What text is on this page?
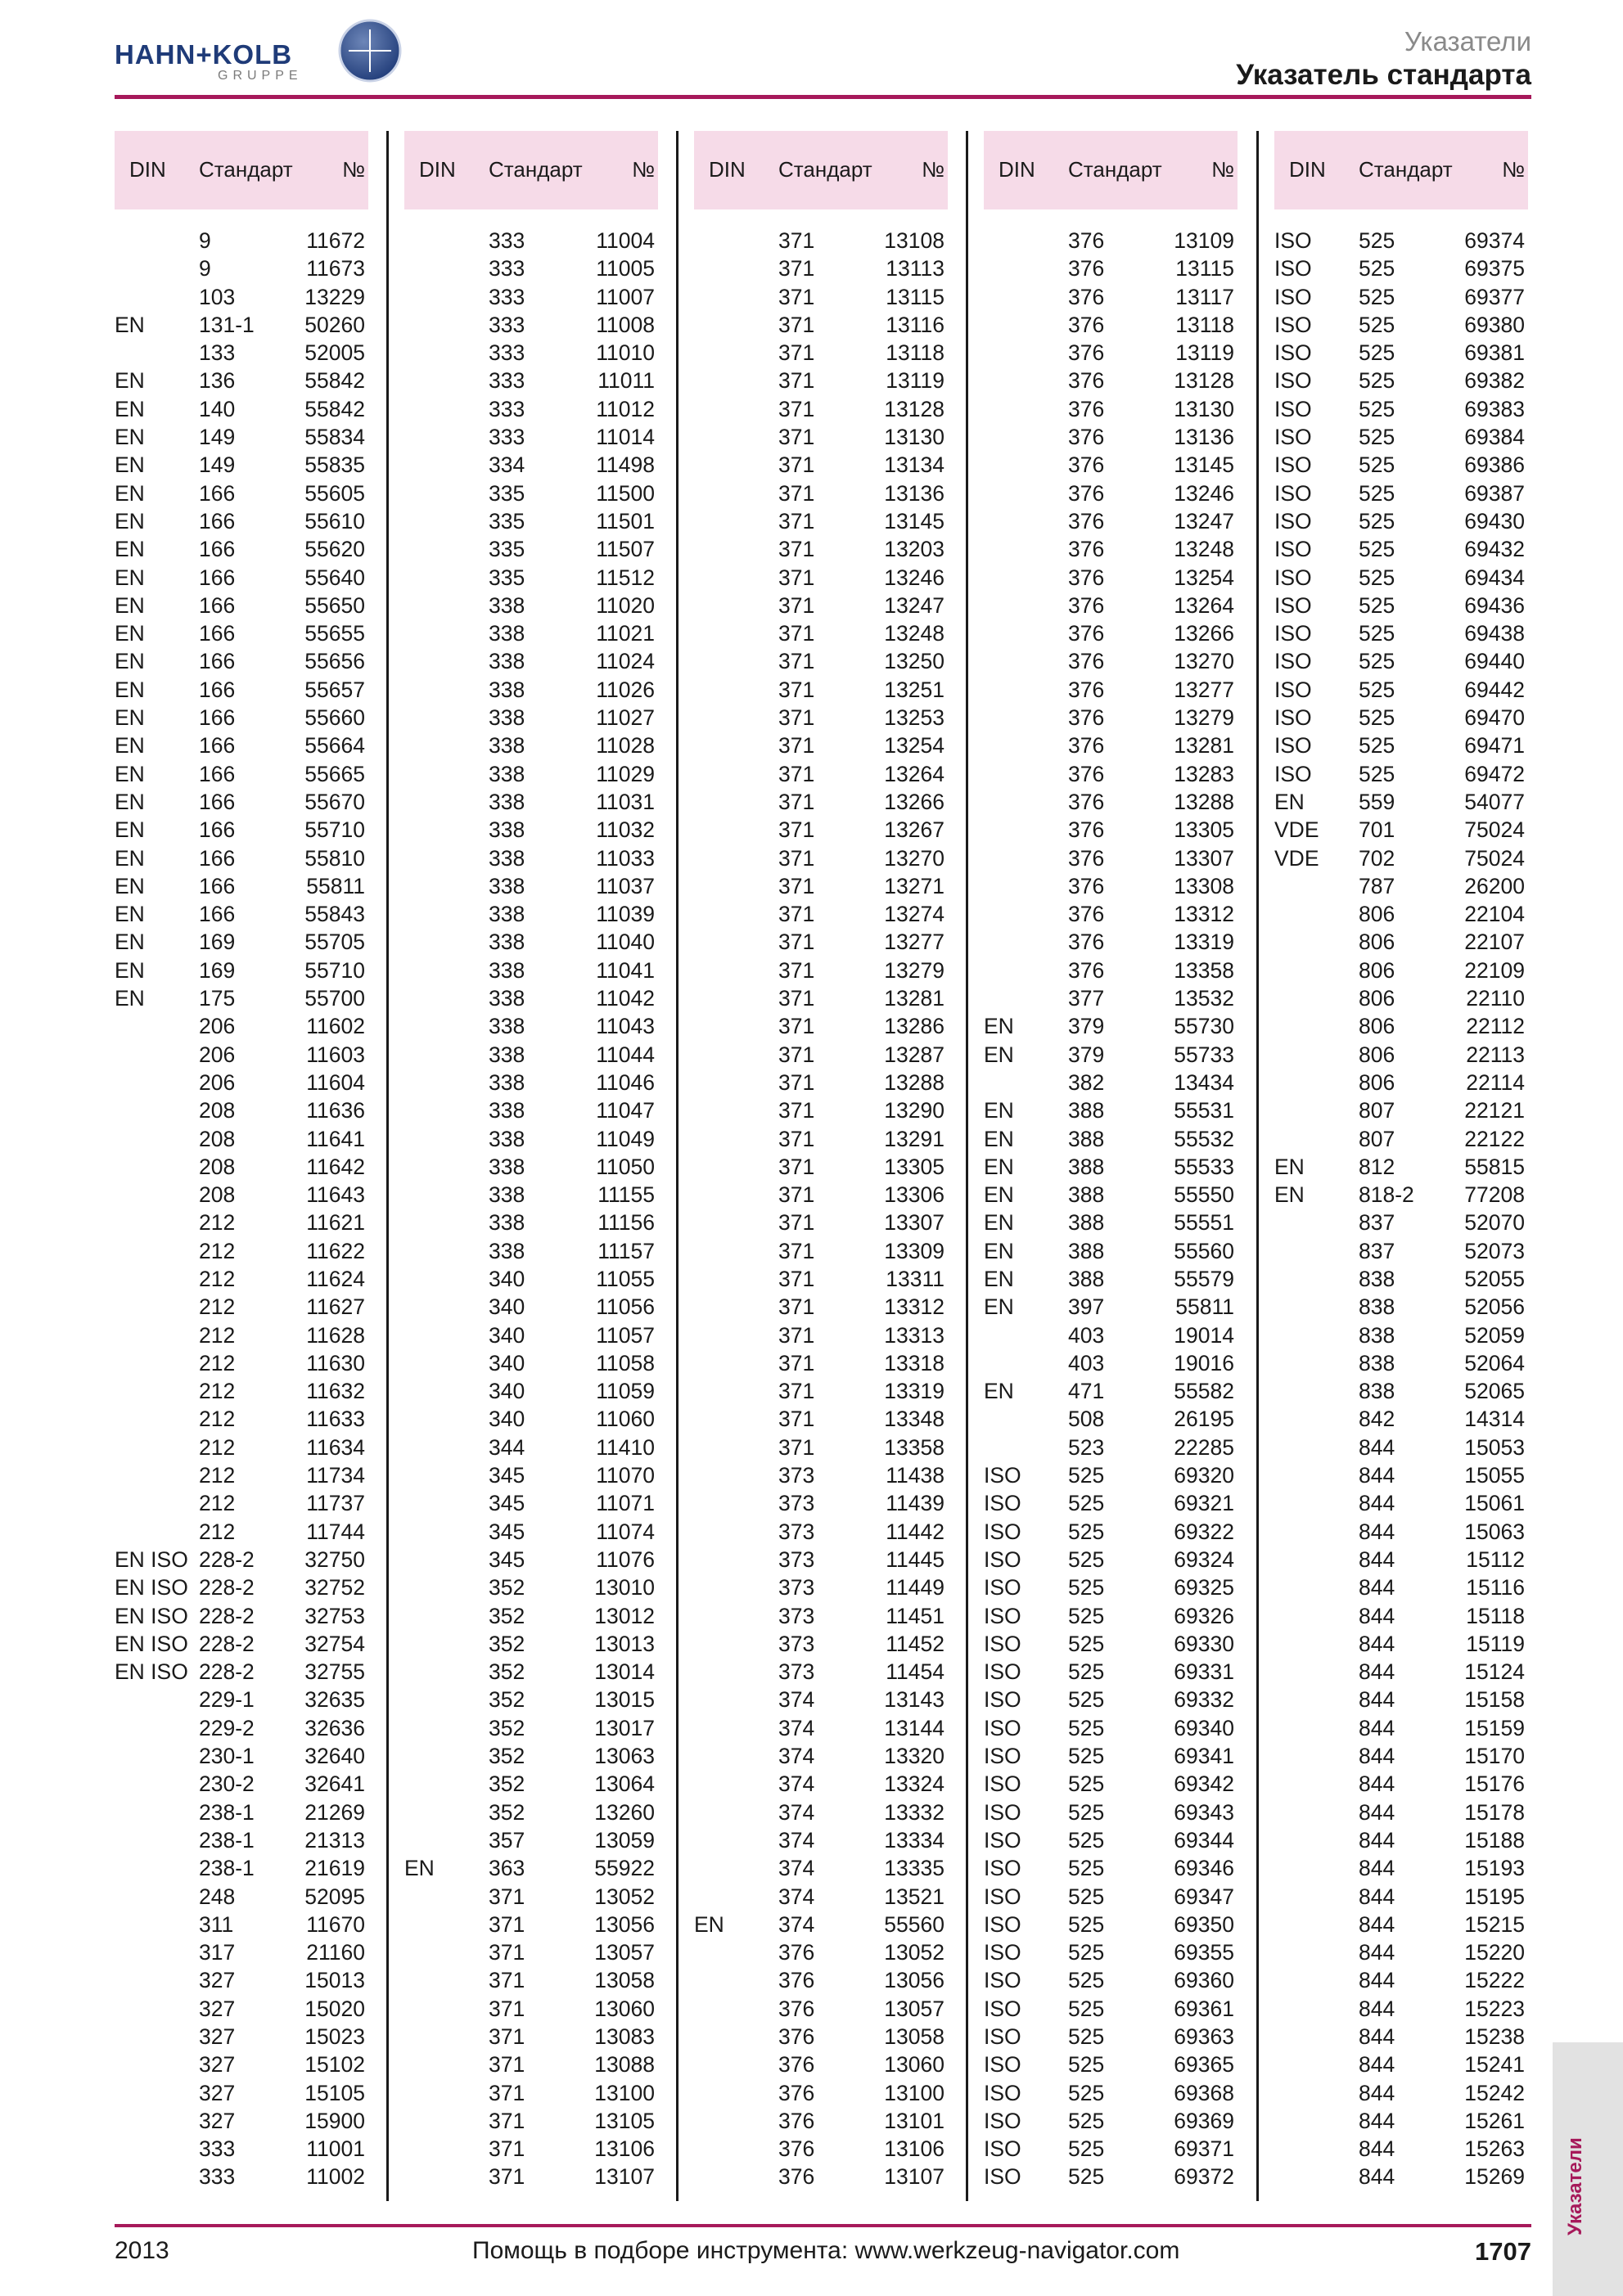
HAHN+KOLB
GRUPPE
Указатели
Указатель стандарта
DIN Стандарт №
9	11672
9	11673
103	13229
EN 131-1 50260
133	52005
EN 136	55842
EN 140	55842
EN 149	55834
EN 149	55835
EN 166	55605
EN 166	55610
EN 166	55620
EN 166	55640
EN 166	55650
EN 166	55655
EN 166	55656
EN 166	55657
EN 166	55660
EN 166	55664
EN 166	55665
EN 166	55670
EN 166	55710
EN 166	55810
EN 166	55811
EN 166	55843
EN 169	55705
EN 169	55710
EN 175	55700
206	11602
206	11603
206	11604
208	11636
208	11641
208	11642
208	11643
212	11621
212	11622
212	11624
212	11627
212	11628
212	11630
212	11632
212	11633
212	11634
212	11734
212	11737
212	11744
EN ISO 228-2 32750
EN ISO 228-2 32752
EN ISO 228-2 32753
EN ISO 228-2 32754
EN ISO 228-2 32755
229-1 32635
229-2 32636
230-1 32640
230-2 32641
238-1 21269
238-1 21313
238-1 21619
248	52095
311	11670
317	21160
327	15013
327	15020
327	15023
327	15102
327	15105
327	15900
333	11001
333	11002
DIN Стандарт №
333	11004
333	11005
333	11007
333	11008
333	11010
333	11011
333	11012
333	11014
334	11498
335	11500
335	11501
335	11507
335	11512
338	11020
338	11021
338	11024
338	11026
338	11027
338	11028
338	11029
338	11031
338	11032
338	11033
338	11037
338	11039
338	11040
338	11041
338	11042
338	11043
338	11044
338	11046
338	11047
338	11049
338	11050
338	11155
338	11156
338	11157
340	11055
340	11056
340	11057
340	11058
340	11059
340	11060
344	11410
345	11070
345	11071
345	11074
345	11076
352	13010
352	13012
352	13013
352	13014
352	13015
352	13017
352	13063
352	13064
352	13260
357	13059
EN 363	55922
371	13052
371	13056
371	13057
371	13058
371	13060
371	13083
371	13088
371	13100
371	13105
371	13106
371	13107
DIN Стандарт №
371	13108
371	13113
371	13115
371	13116
371	13118
371	13119
371	13128
371	13130
371	13134
371	13136
371	13145
371	13203
371	13246
371	13247
371	13248
371	13250
371	13251
371	13253
371	13254
371	13264
371	13266
371	13267
371	13270
371	13271
371	13274
371	13277
371	13279
371	13281
371	13286
371	13287
371	13288
371	13290
371	13291
371	13305
371	13306
371	13307
371	13309
371	13311
371	13312
371	13313
371	13318
371	13319
371	13348
371	13358
373	11438
373	11439
373	11442
373	11445
373	11449
373	11451
373	11452
373	11454
374	13143
374	13144
374	13320
374	13324
374	13332
374	13334
374	13335
374	13521
EN 374	55560
376	13052
376	13056
376	13057
376	13058
376	13060
376	13100
376	13101
376	13106
376	13107
DIN Стандарт №
376	13109
376	13115
376	13117
376	13118
376	13119
376	13128
376	13130
376	13136
376	13145
376	13246
376	13247
376	13248
376	13254
376	13264
376	13266
376	13270
376	13277
376	13279
376	13281
376	13283
376	13288
376	13305
376	13307
376	13308
376	13312
376	13319
376	13358
377	13532
EN 379	55730
EN 379	55733
382	13434
EN 388	55531
EN 388	55532
EN 388	55533
EN 388	55550
EN 388	55551
EN 388	55560
EN 388	55579
EN 397	55811
403	19014
403	19016
EN 471	55582
508	26195
523	22285
ISO 525	69320
ISO 525	69321
ISO 525	69322
ISO 525	69324
ISO 525	69325
ISO 525	69326
ISO 525	69330
ISO 525	69331
ISO 525	69332
ISO 525	69340
ISO 525	69341
ISO 525	69342
ISO 525	69343
ISO 525	69344
ISO 525	69346
ISO 525	69347
ISO 525	69350
ISO 525	69355
ISO 525	69360
ISO 525	69361
ISO 525	69363
ISO 525	69365
ISO 525	69368
ISO 525	69369
ISO 525	69371
ISO 525	69372
DIN Стандарт №
ISO 525	69374
ISO 525	69375
ISO 525	69377
ISO 525	69380
ISO 525	69381
ISO 525	69382
ISO 525	69383
ISO 525	69384
ISO 525	69386
ISO 525	69387
ISO 525	69430
ISO 525	69432
ISO 525	69434
ISO 525	69436
ISO 525	69438
ISO 525	69440
ISO 525	69442
ISO 525	69470
ISO 525	69471
ISO 525	69472
EN 559	54077
VDE 701	75024
VDE 702	75024
787	26200
806	22104
806	22107
806	22109
806	22110
806	22112
806	22113
806	22114
807	22121
807	22122
EN 812	55815
EN 818-2 77208
837	52070
837	52073
838	52055
838	52056
838	52059
838	52064
838	52065
842	14314
844	15053
844	15055
844	15061
844	15063
844	15112
844	15116
844	15118
844	15119
844	15124
844	15158
844	15159
844	15170
844	15176
844	15178
844	15188
844	15193
844	15195
844	15215
844	15220
844	15222
844	15223
844	15238
844	15241
844	15242
844	15261
844	15263
844	15269
2013	Помощь в подборе инструмента: www.werkzeug-navigator.com	1707
Указатели
